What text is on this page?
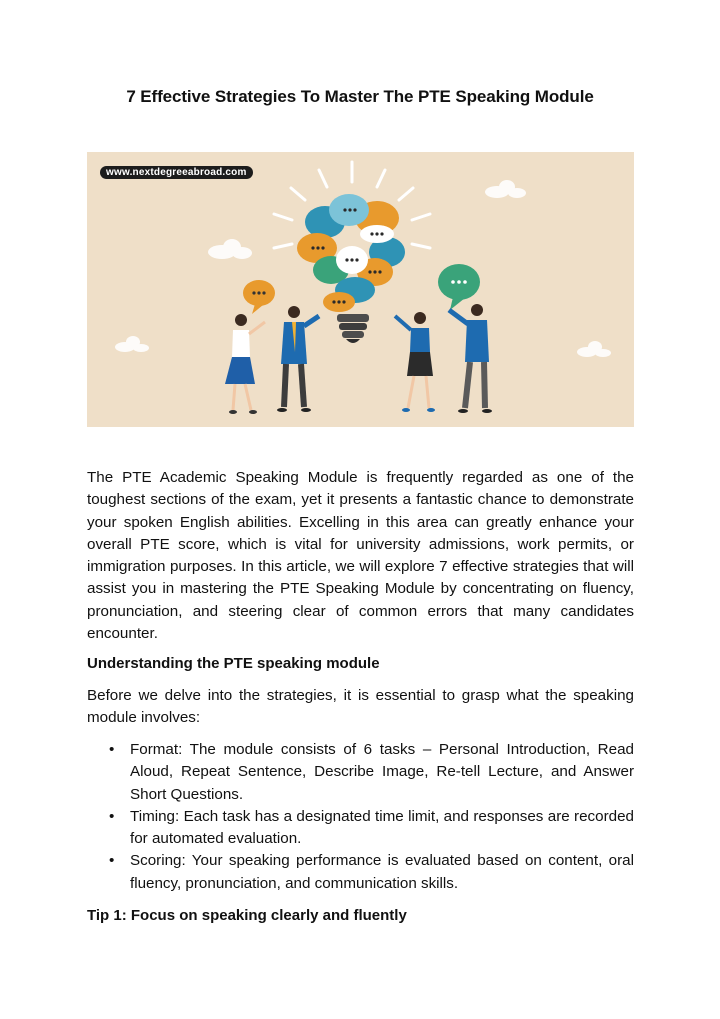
7 Effective Strategies To Master The PTE Speaking Module
www.nextdegreeabroad.com

The PTE Academic Speaking Module is frequently regarded as one of the toughest sections of the exam, yet it presents a fantastic chance to demonstrate your spoken English abilities. Excelling in this area can greatly enhance your overall PTE score, which is vital for university admissions, work permits, or immigration purposes. In this article, we will explore 7 effective strategies that will assist you in mastering the PTE Speaking Module by concentrating on fluency, pronunciation, and steering clear of common errors that many candidates encounter.

Understanding the PTE speaking module

Before we delve into the strategies, it is essential to grasp what the speaking module involves:

• Format: The module consists of 6 tasks – Personal Introduction, Read Aloud, Repeat Sentence, Describe Image, Re-tell Lecture, and Answer Short Questions.
• Timing: Each task has a designated time limit, and responses are recorded for automated evaluation.
• Scoring: Your speaking performance is evaluated based on content, oral fluency, pronunciation, and communication skills.
Tip 1: Focus on speaking clearly and fluently
